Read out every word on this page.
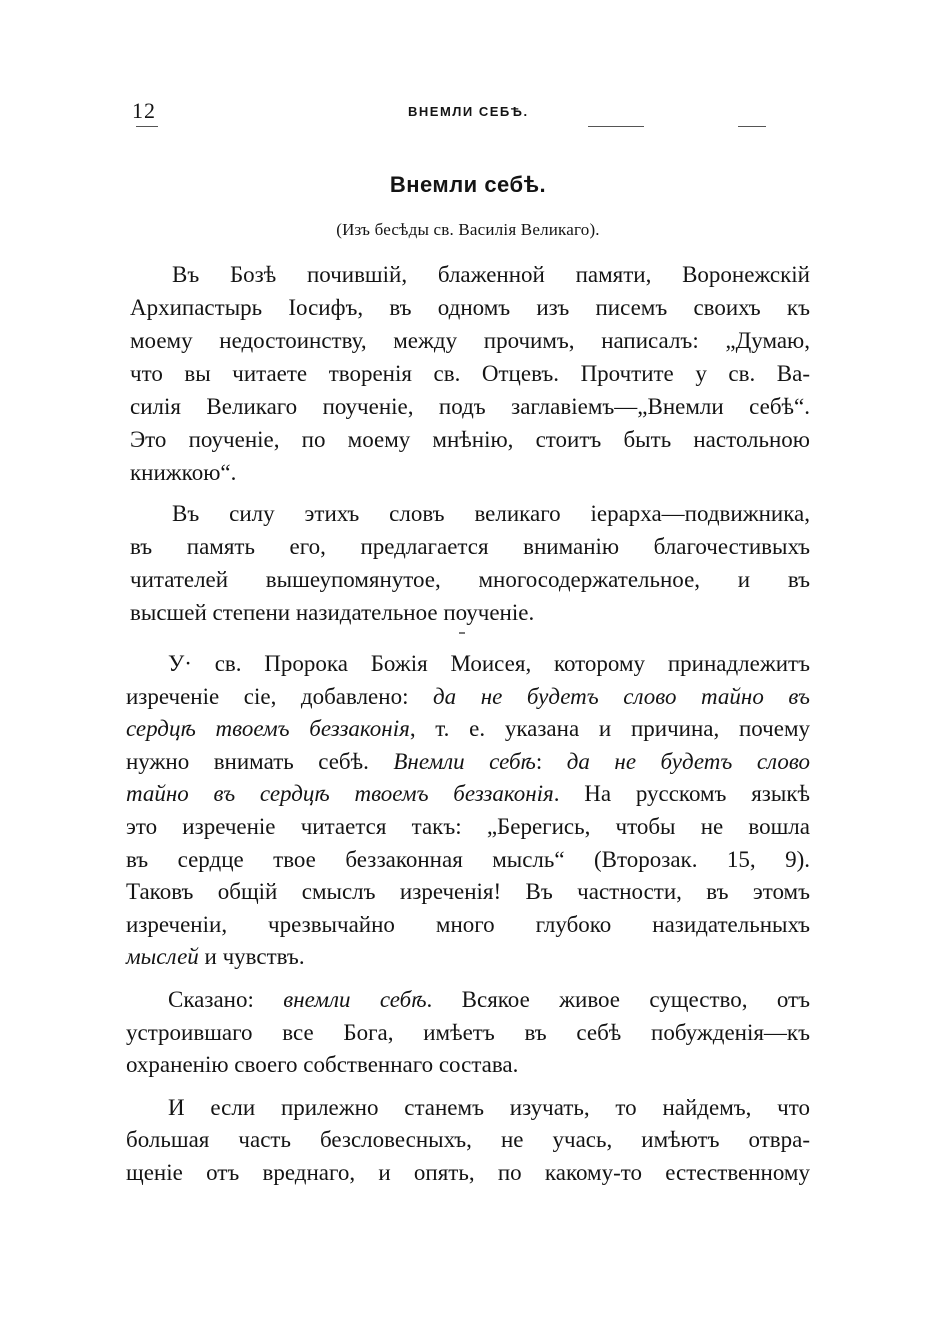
12	ВНЕМЛИ СЕБѢ.
Внемли себѣ.
(Изъ бесѣды св. Василія Великаго).
Въ Бозѣ почившій, блаженной памяти, Воронежскій
Архипастырь Іосифъ, въ одномъ изъ писемъ своихъ къ
моему недостоинству, между прочимъ, написалъ: „Думаю,
что вы читаете творенія св. Отцевъ. Прочтите у св. Ва-
силія Великаго поученіе, подъ заглавіемъ—„Внемли себѣ“.
Это поученіе, по моему мнѣнію, стоитъ быть настольною
книжкою“.
Въ силу этихъ словъ великаго іерарха—подвижника,
въ память его, предлагается вниманію благочестивыхъ
читателей вышеупомянутое, многосодержательное, и въ
высшей степени назидательное поученіе.
У· св. Пророка Божія Моисея, которому принадлежитъ
изреченіе сіе, добавлено: да не будетъ слово тайно въ
сердцѣ твоемъ беззаконія, т. е. указана и причина, почему
нужно внимать себѣ. Внемли себѣ: да не будетъ слово
тайно въ сердцѣ твоемъ беззаконія. На русскомъ языкѣ
это изреченіе читается такъ: „Берегись, чтобы не вошла
въ сердце твое беззаконная мысль“ (Второзак. 15, 9).
Таковъ общій смыслъ изреченія! Въ частности, въ этомъ
изреченіи, чрезвычайно много глубоко назидательныхъ
мыслей и чувствъ.
Сказано: внемли себѣ. Всякое живое существо, отъ
устроившаго все Бога, имѣетъ въ себѣ побужденія—къ
охраненію своего собственнаго состава.
И если прилежно станемъ изучать, то найдемъ, что
большая часть безсловесныхъ, не учась, имѣютъ отвра-
щеніе отъ вреднаго, и опять, по какому-то естественному
